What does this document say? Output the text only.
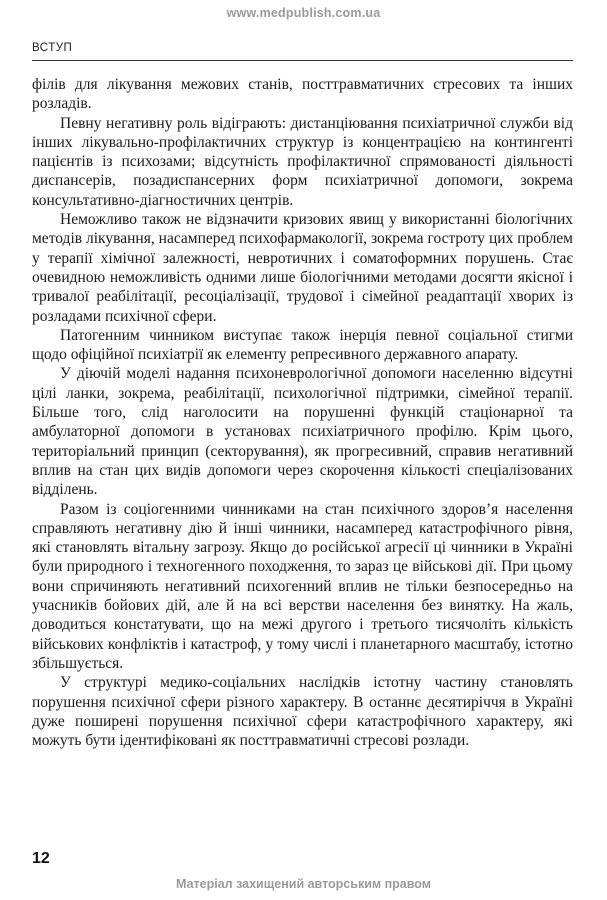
www.medpublish.com.ua
ВСТУП

філів для лікування межових станів, посттравматичних стресових та інших розладів.

Певну негативну роль відіграють: дистанціювання психіатричної служби від інших лікувально-профілактичних структур із концентрацією на контингенті пацієнтів із психозами; відсутність профілактичної спрямованості діяльності диспансерів, позадиспансерних форм психіатричної допомоги, зокрема консультативно-діагностичних центрів.

Неможливо також не відзначити кризових явищ у використанні біологічних методів лікування, насамперед психофармакології, зокрема гостроту цих проблем у терапії хімічної залежності, невротичних і соматоформних порушень. Стає очевидною неможливість одними лише біологічними методами досягти якісної і тривалої реабілітації, ресоціалізації, трудової і сімейної реадаптації хворих із розладами психічної сфери.

Патогенним чинником виступає також інерція певної соціальної стигми щодо офіційної психіатрії як елементу репресивного державного апарату.

У діючій моделі надання психоневрологічної допомоги населенню відсутні цілі ланки, зокрема, реабілітації, психологічної підтримки, сімейної терапії. Більше того, слід наголосити на порушенні функцій стаціонарної та амбулаторної допомоги в установах психіатричного профілю. Крім цього, територіальний принцип (секторування), як прогресивний, справив негативний вплив на стан цих видів допомоги через скорочення кількості спеціалізованих відділень.

Разом із соціогенними чинниками на стан психічного здоров’я населення справляють негативну дію й інші чинники, насамперед катастрофічного рівня, які становлять вітальну загрозу. Якщо до російської агресії ці чинники в Україні були природного і техногенного походження, то зараз це військові дії. При цьому вони спричиняють негативний психогенний вплив не тільки безпосередньо на учасників бойових дій, але й на всі верстви населення без винятку. На жаль, доводиться констатувати, що на межі другого і третього тисячоліть кількість військових конфліктів і катастроф, у тому числі і планетарного масштабу, істотно збільшується.

У структурі медико-соціальних наслідків істотну частину становлять порушення психічної сфери різного характеру. В останнє десятиріччя в Україні дуже поширені порушення психічної сфери катастрофічного характеру, які можуть бути ідентифіковані як посттравматичні стресові розлади.

12
Матеріал захищений авторським правом
